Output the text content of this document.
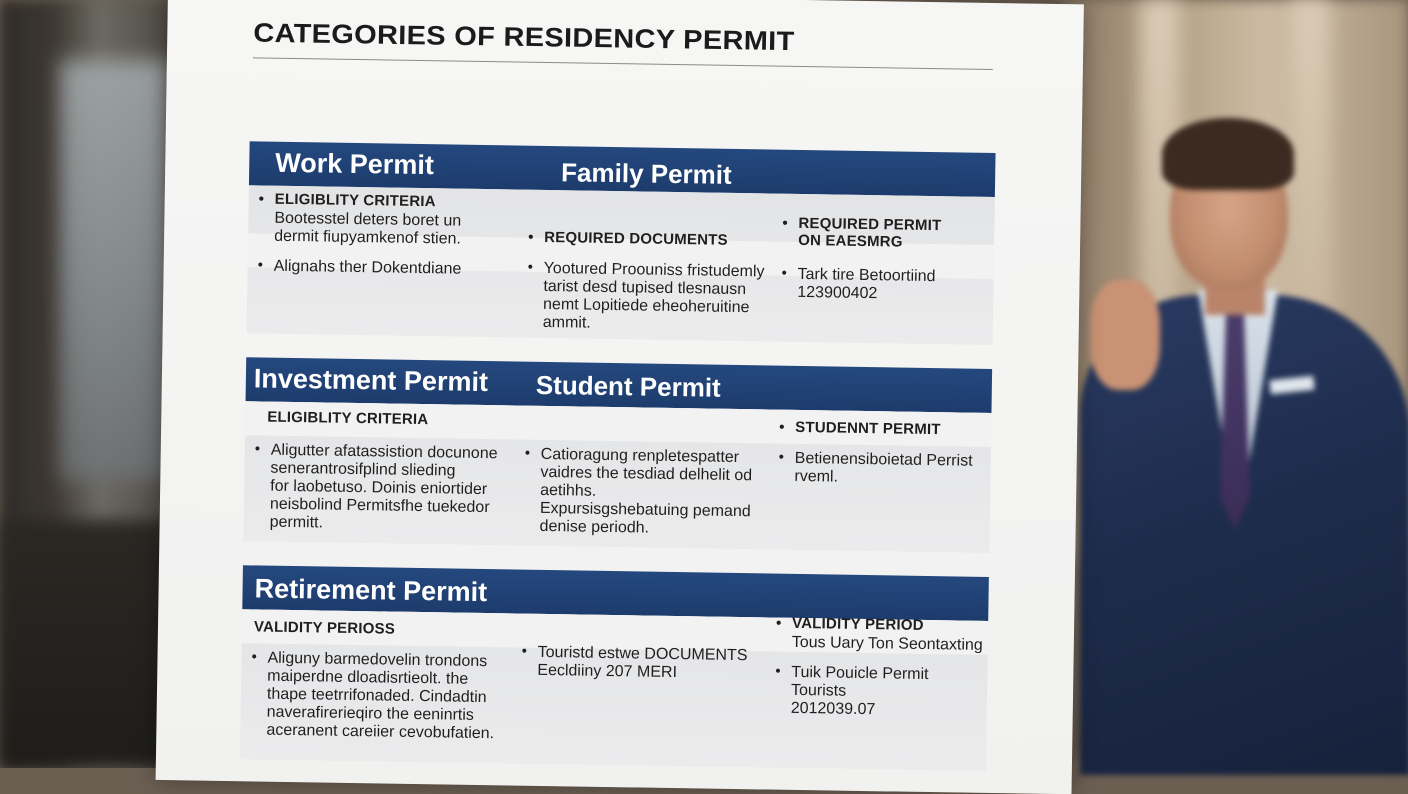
CATEGORIES OF RESIDENCY PERMIT
Work Permit	Family Permit
• ELIGIBLITY CRITERIA
Bootesstel deters boret un
dermit fiupyamkenof stien.
• Alignahs ther Dokentdiane
• REQUIRED DOCUMENTS
• Yootured Proouniss fristudemly
tarist desd tupised tlesnausn
nemt Lopitiede eheoheruitine
ammit.
• REQUIRED PERMIT
ON EAESMRG
• Tark tire Betoortiind
123900402
Investment Permit Student Permit
ELIGIBLITY CRITERIA
• Aligutter afatassistion docunone
senerantrosifplind slieding
for laobetuso. Doinis eniortider
neisbolind Permitsfhe tuekedor
permitt.
• Catioragung renpletespatter
vaidres the tesdiad delhelit od
aetihhs.
Expursisgshebatuing pemand
denise periodh.
• STUDENNT PERMIT
• Betienensiboietad Perrist
rveml.
Retirement Permit
VALIDITY PERIOSS
• Aliguny barmedovelin trondons
maiperdne dloadisrtieolt. the
thape teetrrifonaded. Cindadtin
naverafirerieqiro the eeninrtis
aceranent careiier cevobufatien.
• Touristd estwe DOCUMENTS
Eecldiiny 207 MERI
• VALIDITY PERIOD
Tous Uary Ton Seontaxting
• Tuik Pouicle Permit Tourists
2012039.07
